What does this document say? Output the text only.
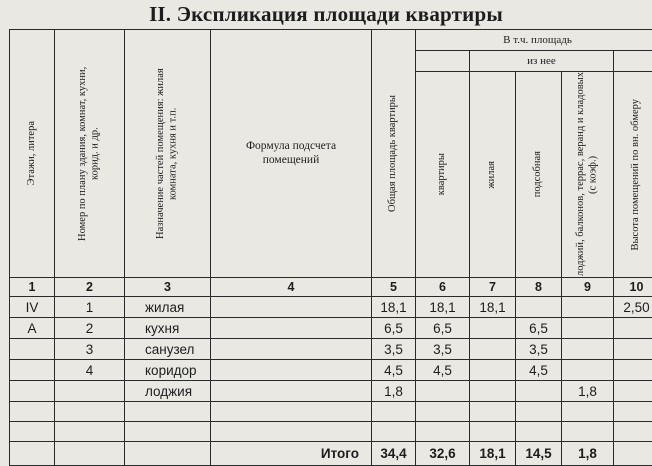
II. Экспликация площади квартиры
Этажи, литера	Номер по плану здания, комнат, кухни, корид. и др.	Назначение частей помещения: жилая комната, кухня и т.п.	Формула подсчета помещений	Общая площадь квартиры	В т.ч. площадь				
						из нее			

					квартиры	жилая	подсобная	лоджий, балконов, террас, веранд и кладовых (с коэф.)	Высота помещений по вн. обмеру

1	2	3	4	5	6	7	8	9	10
IV	1	жилая		18,1	18,1	18,1			2,50
А	2	кухня		6,5	6,5		6,5		
	3	санузел		3,5	3,5		3,5		
	4	коридор		4,5	4,5		4,5		
		лоджия		1,8				1,8	

			Итого	34,4	32,6	18,1	14,5	1,8	
